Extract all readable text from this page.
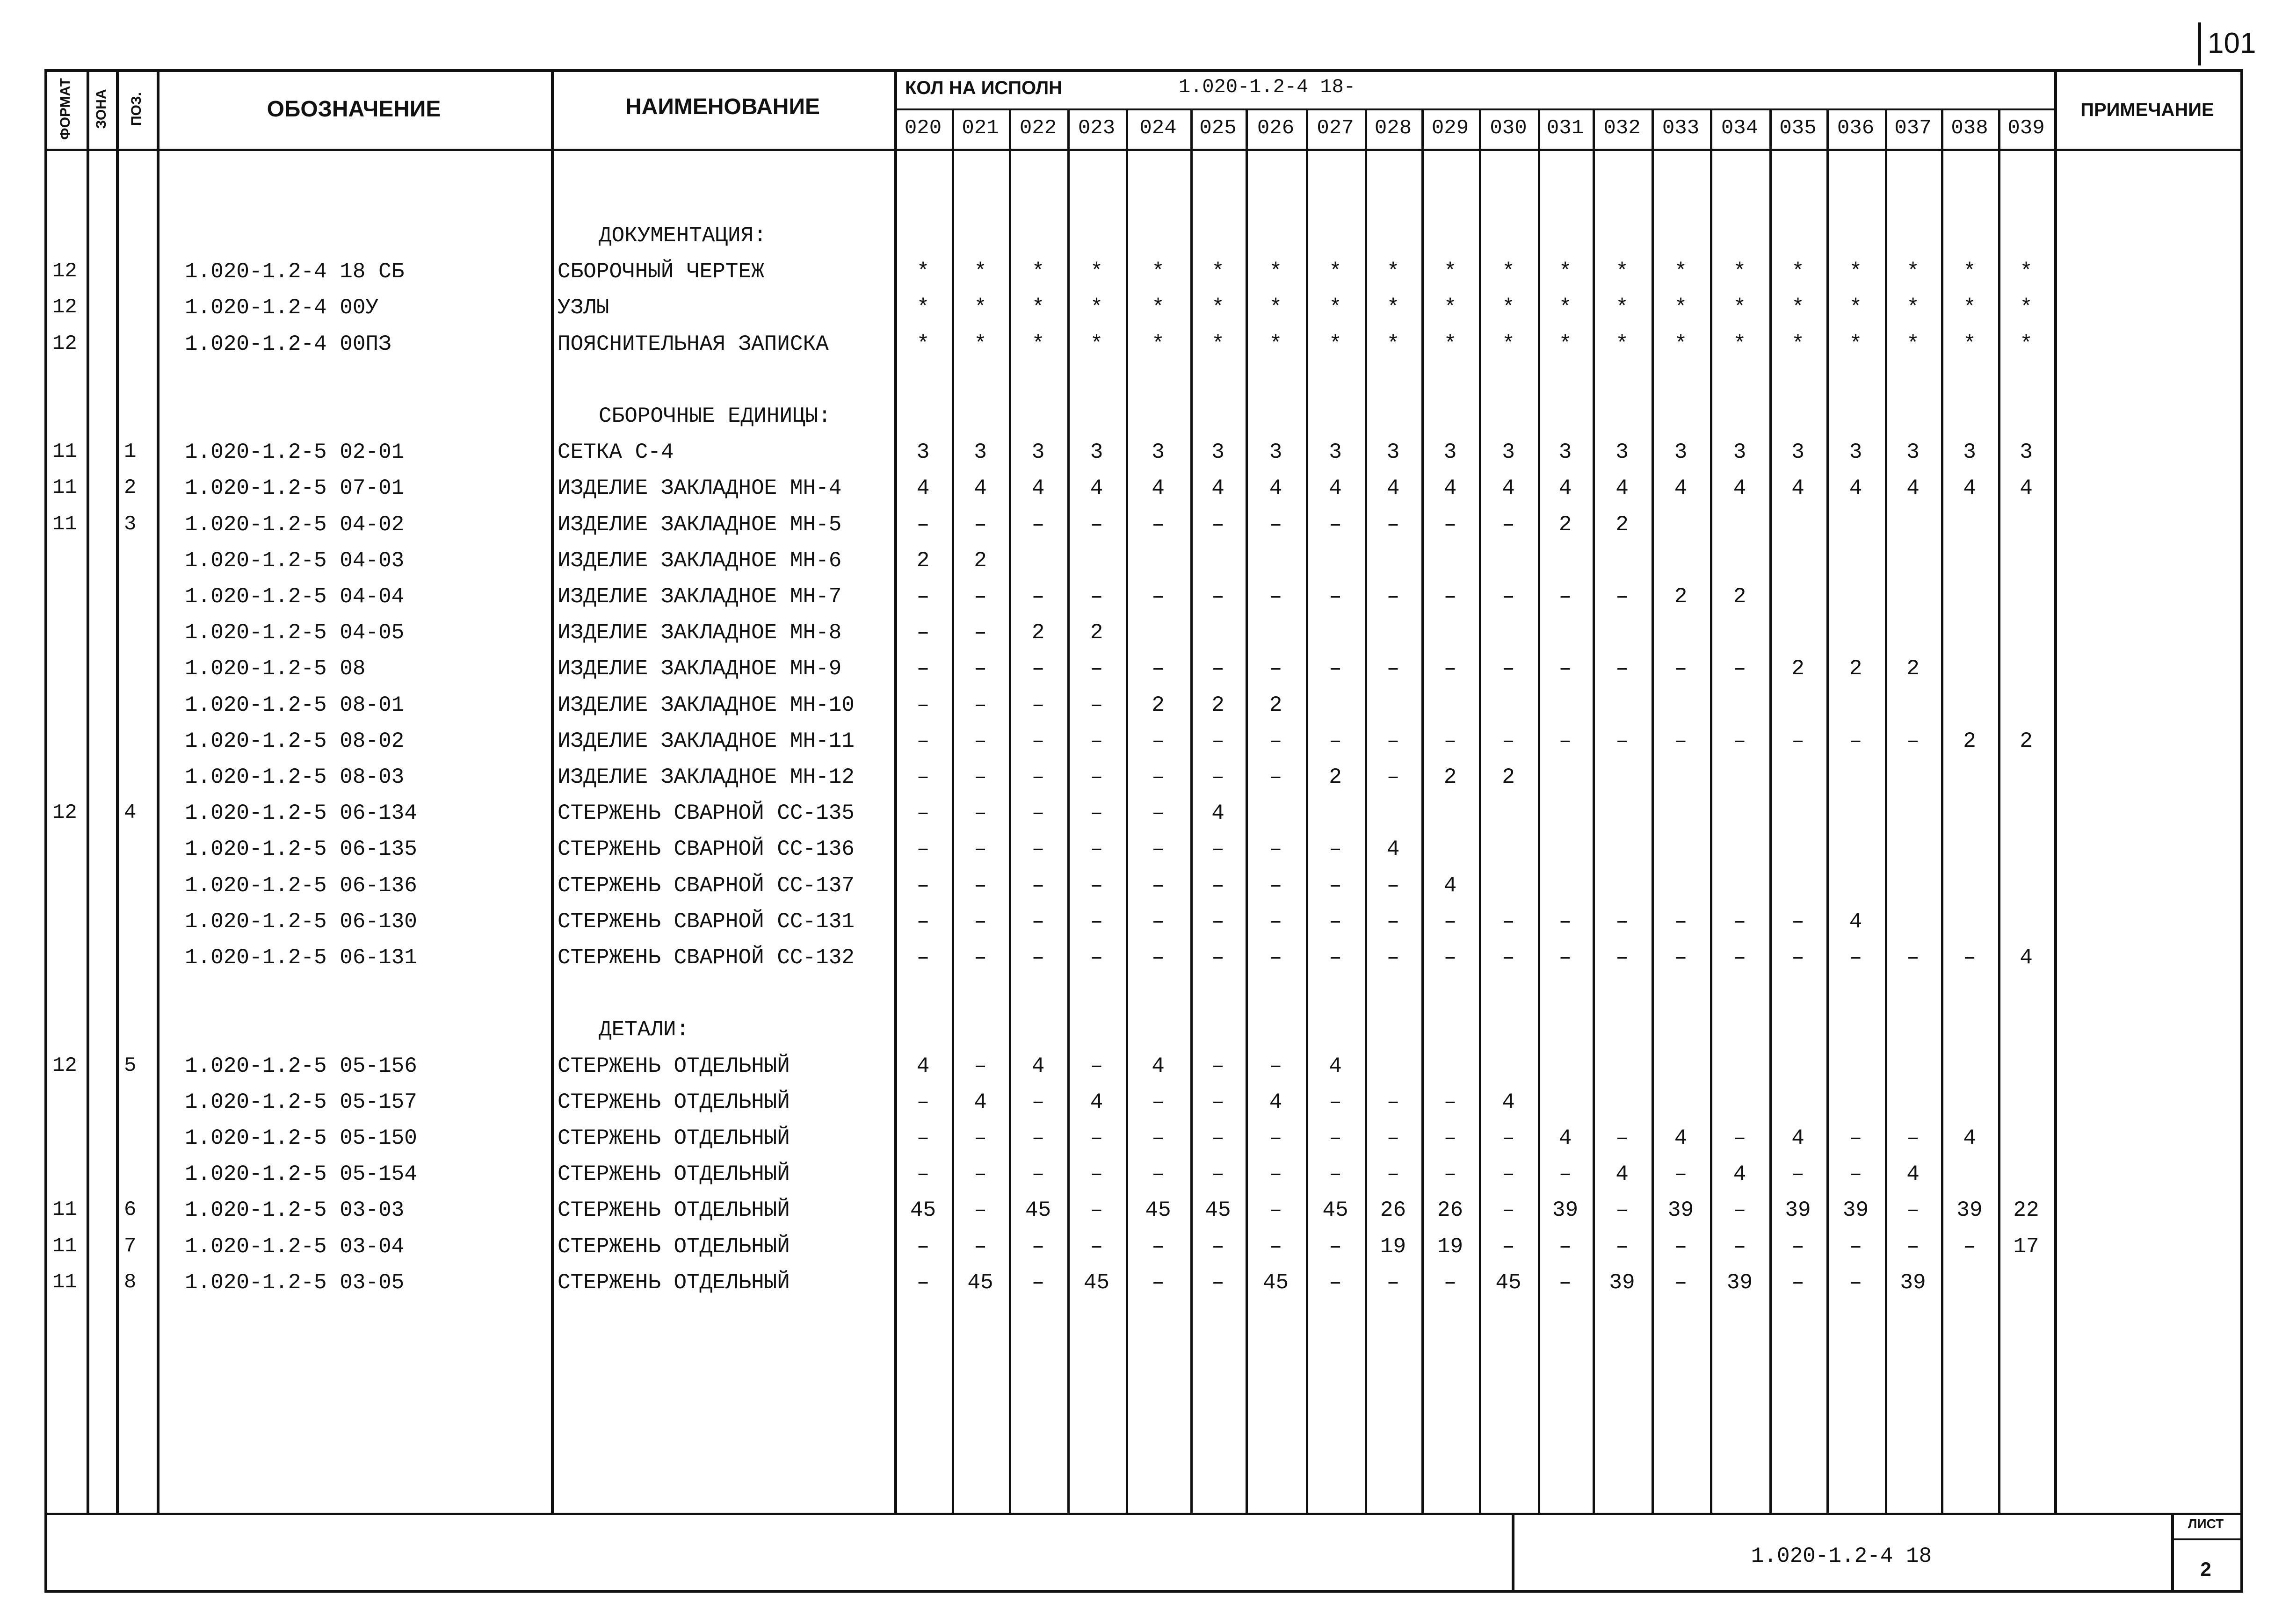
101
ФОРМАТ ЗОНА ПОЗ.	ОБОЗНАЧЕНИЕ	НАИМЕНОВАНИЕ
КОЛ НА ИСПОЛН	1.020-1.2-4 18-
ПРИМЕЧАНИЕ
020 021	022	023	024	025	026	027	028 029	030 031 032	033	034	035	036 037 038 039
ДОКУМЕНТАЦИЯ:
12	1.020-1.2-4 18 СБ	СБОРОЧНЫЙ ЧЕРТЕЖ	*	*	*	*	*	*	*	*	*	*	*	*	*	*	*	*	*	*	*	*
12	1.020-1.2-4 00У	УЗЛЫ	*	*	*	*	*	*	*	*	*	*	*	*	*	*	*	*	*	*	*	*
12	1.020-1.2-4 00ПЗ	ПОЯСНИТЕЛЬНАЯ ЗАПИСКА	*	*	*	*	*	*	*	*	*	*	*	*	*	*	*	*	*	*	*	*
СБОРОЧНЫЕ ЕДИНИЦЫ:
11 1 1.020-1.2-5 02-01	СЕТКА С-4	3	3	3	3	3	3	3	3	3	3	3	3	3	3	3	3	3	3	3	3
11 2 1.020-1.2-5 07-01	ИЗДЕЛИЕ ЗАКЛАДНОЕ МН-4	4	4	4	4	4	4	4	4	4	4	4	4	4	4	4	4	4	4	4	4
11 3 1.020-1.2-5 04-02	ИЗДЕЛИЕ ЗАКЛАДНОЕ МН-5	–	–	–	–	–	–	–	–	–	–	–	2	2
1.020-1.2-5 04-03	ИЗДЕЛИЕ ЗАКЛАДНОЕ МН-6	2	2
1.020-1.2-5 04-04	ИЗДЕЛИЕ ЗАКЛАДНОЕ МН-7	–	–	–	–	–	–	–	–	–	–	–	–	–	2	2
1.020-1.2-5 04-05	ИЗДЕЛИЕ ЗАКЛАДНОЕ МН-8	–	–	2	2
1.020-1.2-5 08	ИЗДЕЛИЕ ЗАКЛАДНОЕ МН-9	–	–	–	–	–	–	–	–	–	–	–	–	–	–	–	2	2	2
1.020-1.2-5 08-01	ИЗДЕЛИЕ ЗАКЛАДНОЕ МН-10	–	–	–	–	2	2	2
1.020-1.2-5 08-02	ИЗДЕЛИЕ ЗАКЛАДНОЕ МН-11	–	–	–	–	–	–	–	–	–	–	–	–	–	–	–	–	–	–	2	2
1.020-1.2-5 08-03	ИЗДЕЛИЕ ЗАКЛАДНОЕ МН-12	–	–	–	–	–	–	–	2	–	2	2
12 4 1.020-1.2-5 06-134	СТЕРЖЕНЬ СВАРНОЙ СС-135	–	–	–	–	–	4
1.020-1.2-5 06-135	СТЕРЖЕНЬ СВАРНОЙ СС-136	–	–	–	–	–	–	–	–	4
1.020-1.2-5 06-136	СТЕРЖЕНЬ СВАРНОЙ СС-137	–	–	–	–	–	–	–	–	–	4
1.020-1.2-5 06-130	СТЕРЖЕНЬ СВАРНОЙ СС-131	–	–	–	–	–	–	–	–	–	–	–	–	–	–	–	–	4
1.020-1.2-5 06-131	СТЕРЖЕНЬ СВАРНОЙ СС-132	–	–	–	–	–	–	–	–	–	–	–	–	–	–	–	–	–	–	–	4
ДЕТАЛИ:
12 5 1.020-1.2-5 05-156	СТЕРЖЕНЬ ОТДЕЛЬНЫЙ	4	–	4	–	4	–	–	4
1.020-1.2-5 05-157	СТЕРЖЕНЬ ОТДЕЛЬНЫЙ	–	4	–	4	–	–	4	–	–	–	4
1.020-1.2-5 05-150	СТЕРЖЕНЬ ОТДЕЛЬНЫЙ	–	–	–	–	–	–	–	–	–	–	–	4	–	4	–	4	–	–	4
1.020-1.2-5 05-154	СТЕРЖЕНЬ ОТДЕЛЬНЫЙ	–	–	–	–	–	–	–	–	–	–	–	–	4	–	4	–	–	4
11 6 1.020-1.2-5 03-03	СТЕРЖЕНЬ ОТДЕЛЬНЫЙ	45	–	45	–	45	45	–	45	26	26	–	39	–	39	–	39	39	–	39	22
11 7 1.020-1.2-5 03-04	СТЕРЖЕНЬ ОТДЕЛЬНЫЙ	–	–	–	–	–	–	–	–	19	19	–	–	–	–	–	–	–	–	–	17
11 8 1.020-1.2-5 03-05	СТЕРЖЕНЬ ОТДЕЛЬНЫЙ	–	45	–	45	–	–	45	–	–	–	45	–	39	–	39	–	–	39
1.020-1.2-4 18
ЛИСТ
2
